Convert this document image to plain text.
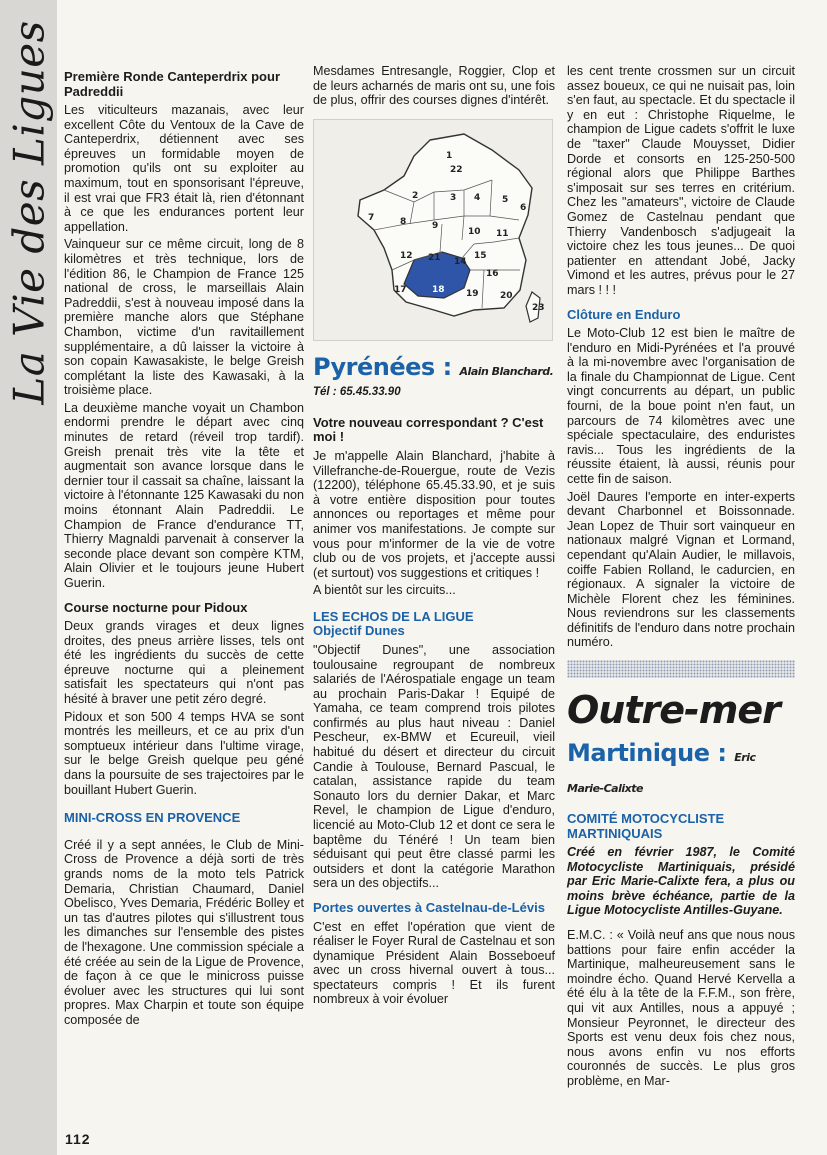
La Vie des Ligues Première Ronde Canteperdrix pour Padreddii

Les viticulteurs mazanais, avec leur excellent Côte du Ventoux de la Cave de Canteperdrix, détiennent avec ses épreuves un formidable moyen de promotion qu'ils ont su exploiter au maximum, tout en sponsorisant l'épreuve, il est vrai que FR3 était là, rien d'étonnant à ce que les endurances portent leur appellation.

Vainqueur sur ce même circuit, long de 8 kilomètres et très technique, lors de l'édition 86, le Champion de France 125 national de cross, le marseillais Alain Padreddii, s'est à nouveau imposé dans la première manche alors que Stéphane Chambon, victime d'un ravitaillement supplémentaire, a dû laisser la victoire à son copain Kawasakiste, le belge Greish complétant la liste des Kawasaki, à la troisième place.

La deuxième manche voyait un Chambon endormi prendre le départ avec cinq minutes de retard (réveil trop tardif). Greish prenait très vite la tête et augmentait son avance lorsque dans le dernier tour il cassait sa chaîne, laissant la victoire à l'étonnante 125 Kawasaki du non moins étonnant Alain Padreddii. Le Champion de France d'endurance TT, Thierry Magnaldi parvenait à conserver la seconde place devant son compère KTM, Alain Olivier et le toujours jeune Hubert Guerin.

Course nocturne pour Pidoux

Deux grands virages et deux lignes droites, des pneus arrière lisses, tels ont été les ingrédients du succès de cette épreuve nocturne qui a pleinement satisfait les spectateurs qui n'ont pas hésité à braver une petit zéro degré.

Pidoux et son 500 4 temps HVA se sont montrés les meilleurs, et ce au prix d'un somptueux intérieur dans l'ultime virage, sur le belge Greish quelque peu géné dans la poursuite de ses trajectoires par le bouillant Hubert Guerin.

MINI-CROSS EN PROVENCE

Créé il y a sept années, le Club de Mini-Cross de Provence a déjà sorti de très grands noms de la moto tels Patrick Demaria, Christian Chaumard, Daniel Obelisco, Yves Demaria, Frédéric Bolley et un tas d'autres pilotes qui s'illustrent tous les dimanches sur l'ensemble des pistes de l'hexagone. Une commission spéciale a été créée au sein de la Ligue de Provence, de façon à ce que le minicross puisse évoluer avec les structures qui lui sont propres. Max Charpin et toute son équipe composée de

Mesdames Entresangle, Roggier, Clop et de leurs acharnés de maris ont su, une fois de plus, offrir des courses dignes d'intérêt.

1
2	3 4 5
6
7	8	9
10 11
12
14
15
16
17	18 19 20
21
22
23
Pyrénées : Alain Blanchard.
Tél : 65.45.33.90
Votre nouveau correspondant ? C'est moi !

Je m'appelle Alain Blanchard, j'habite à Villefranche-de-Rouergue, route de Vezis (12200), téléphone 65.45.33.90, et je suis à votre entière disposition pour toutes annonces ou reportages et même pour animer vos manifestations. Je compte sur vous pour m'informer de la vie de votre club ou de vos projets, et j'accepte aussi (et surtout) vos suggestions et critiques !

A bientôt sur les circuits...

LES ECHOS DE LA LIGUE
Objectif Dunes

"Objectif Dunes", une association toulousaine regroupant de nombreux salariés de l'Aérospatiale engage un team au prochain Paris-Dakar ! Equipé de Yamaha, ce team comprend trois pilotes confirmés au plus haut niveau : Daniel Pescheur, ex-BMW et Ecureuil, vieil habitué du désert et directeur du circuit Candie à Toulouse, Bernard Pascual, le catalan, assistance rapide du team Sonauto lors du dernier Dakar, et Marc Revel, le champion de Ligue d'enduro, licencié au Moto-Club 12 et dont ce sera le baptême du Ténéré ! Un team bien séduisant qui peut être classé parmi les outsiders et dont la catégorie Marathon sera un des objectifs...

Portes ouvertes à Castelnau-de-Lévis

C'est en effet l'opération que vient de réaliser le Foyer Rural de Castelnau et son dynamique Président Alain Bosseboeuf avec un cross hivernal ouvert à tous... spectateurs compris ! Et ils furent nombreux à voir évoluer

les cent trente crossmen sur un circuit assez boueux, ce qui ne nuisait pas, loin s'en faut, au spectacle. Et du spectacle il y en eut : Christophe Riquelme, le champion de Ligue cadets s'offrit le luxe de "taxer" Claude Mouysset, Didier Dorde et consorts en 125-250-500 régional alors que Philippe Barthes s'imposait sur ses terres en critérium. Chez les "amateurs", victoire de Claude Gomez de Castelnau pendant que Thierry Vandenbosch s'adjugeait la victoire chez les tous jeunes... De quoi patienter en attendant Jobé, Jacky Vimond et les autres, prévus pour le 27 mars ! ! !

Clôture en Enduro

Le Moto-Club 12 est bien le maître de l'enduro en Midi-Pyrénées et l'a prouvé à la mi-novembre avec l'organisation de la finale du Championnat de Ligue. Cent vingt concurrents au départ, un public fourni, de la boue point n'en faut, un parcours de 74 kilomètres avec une spéciale spectaculaire, des enduristes ravis... Tous les ingrédients de la réussite étaient, là aussi, réunis pour cette fin de saison.

Joël Daures l'emporte en inter-experts devant Charbonnel et Boissonnade. Jean Lopez de Thuir sort vainqueur en nationaux malgré Vignan et Lormand, cependant qu'Alain Audier, le millavois, coiffe Fabien Rolland, le cadurcien, en régionaux. A signaler la victoire de Michèle Florent chez les féminines. Nous reviendrons sur les classements définitifs de l'enduro dans notre prochain numéro.

Outre-mer
Martinique : Eric Marie-Calixte
COMITÉ MOTOCYCLISTE MARTINIQUAIS

Créé en février 1987, le Comité Motocycliste Martiniquais, présidé par Eric Marie-Calixte fera, a plus ou moins brève échéance, partie de la Ligue Motocycliste Antilles-Guyane.

E.M.C. : « Voilà neuf ans que nous nous battions pour faire enfin accéder la Martinique, malheureusement sans le moindre écho. Quand Hervé Kervella a été élu à la tête de la F.F.M., son frère, qui vit aux Antilles, nous a appuyé ; Monsieur Peyronnet, le directeur des Sports est venu deux fois chez nous, nous avons enfin vu nos efforts couronnés de succès. Le plus gros problème, en Mar-

112
